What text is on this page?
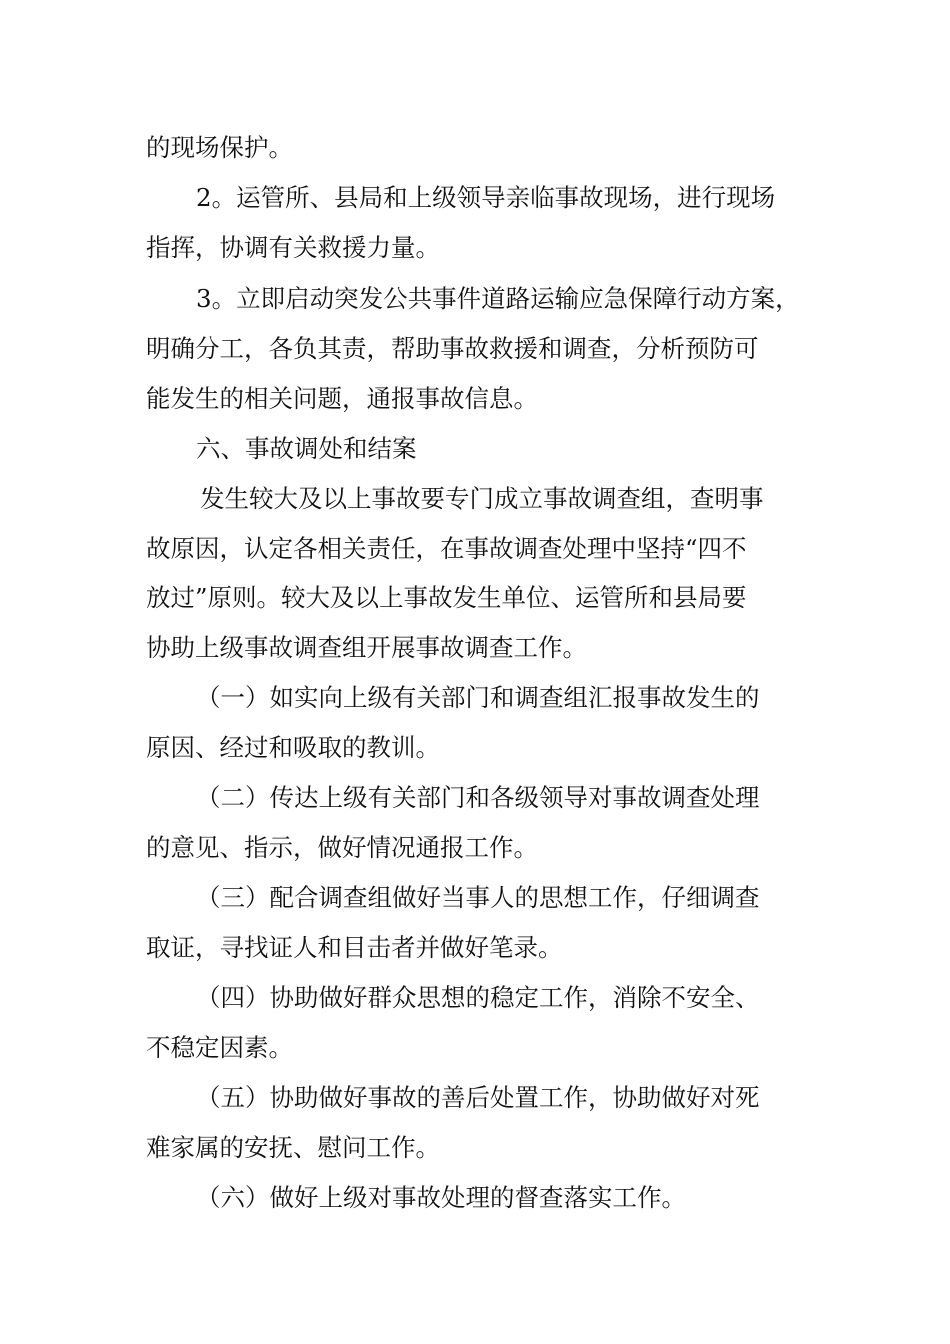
的现场保护。
2。运管所、县局和上级领导亲临事故现场，进行现场
指挥，协调有关救援力量。
3。立即启动突发公共事件道路运输应急保障行动方案，
明确分工，各负其责，帮助事故救援和调查，分析预防可
能发生的相关问题，通报事故信息。
六、事故调处和结案
发生较大及以上事故要专门成立事故调查组，查明事
故原因，认定各相关责任，在事故调查处理中坚持“四不
放过”原则。较大及以上事故发生单位、运管所和县局要
协助上级事故调查组开展事故调查工作。
（一）如实向上级有关部门和调查组汇报事故发生的
原因、经过和吸取的教训。
（二）传达上级有关部门和各级领导对事故调查处理
的意见、指示，做好情况通报工作。
（三）配合调查组做好当事人的思想工作，仔细调查
取证，寻找证人和目击者并做好笔录。
（四）协助做好群众思想的稳定工作，消除不安全、
不稳定因素。
（五）协助做好事故的善后处置工作，协助做好对死
难家属的安抚、慰问工作。
（六）做好上级对事故处理的督查落实工作。
